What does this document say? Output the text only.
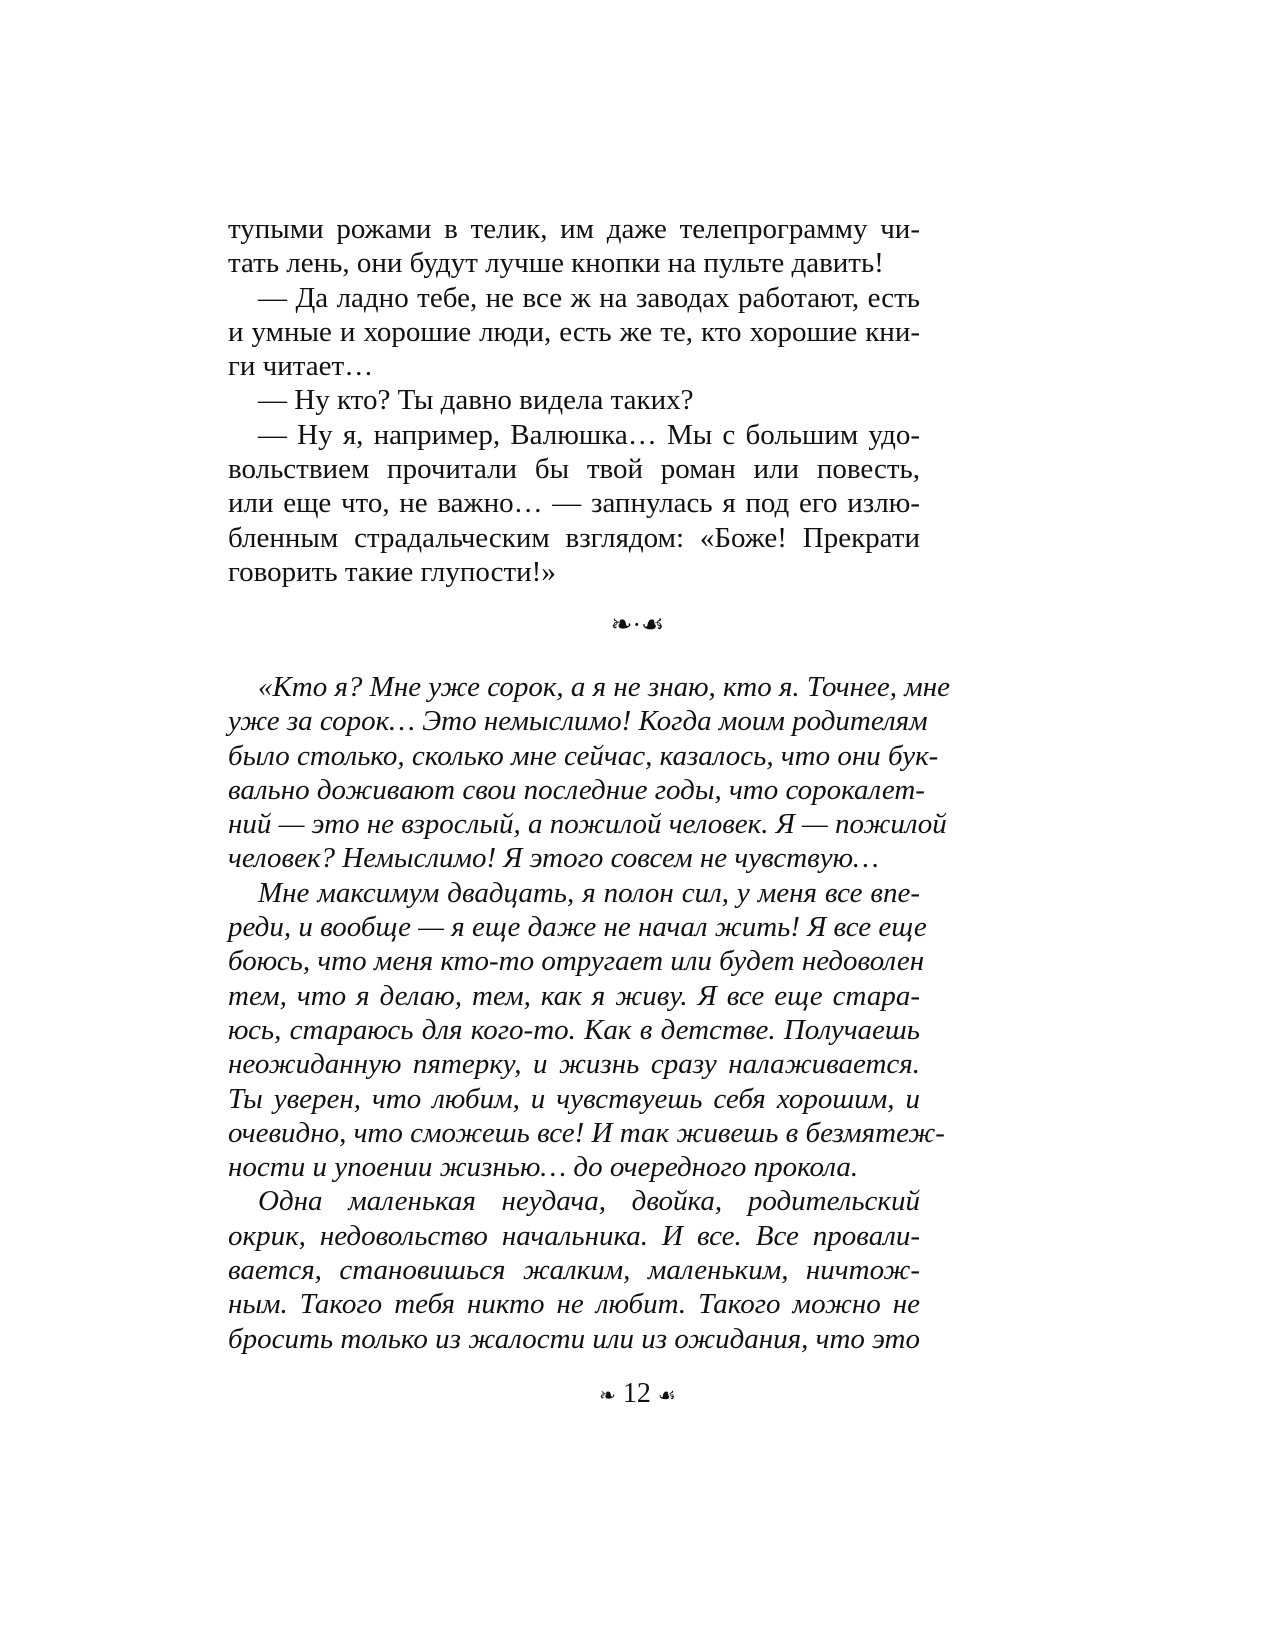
тупыми рожами в телик, им даже телепрограмму чи-
тать лень, они будут лучше кнопки на пульте давить!
— Да ладно тебе, не все ж на заводах работают, есть
и умные и хорошие люди, есть же те, кто хорошие кни-
ги читает…
— Ну кто? Ты давно видела таких?
— Ну я, например, Валюшка… Мы с большим удо-
вольствием прочитали бы твой роман или повесть,
или еще что, не важно… — запнулась я под его излю-
бленным страдальческим взглядом: «Боже! Прекрати
говорить такие глупости!»
❧·☙
«Кто я? Мне уже сорок, а я не знаю, кто я. Точнее, мне
уже за сорок… Это немыслимо! Когда моим родителям
было столько, сколько мне сейчас, казалось, что они бук-
вально доживают свои последние годы, что сорокалет-
ний — это не взрослый, а пожилой человек. Я — пожилой
человек? Немыслимо! Я этого совсем не чувствую…
Мне максимум двадцать, я полон сил, у меня все впе-
реди, и вообще — я еще даже не начал жить! Я все еще
боюсь, что меня кто-то отругает или будет недоволен
тем, что я делаю, тем, как я живу. Я все еще стара-
юсь, стараюсь для кого-то. Как в детстве. Получаешь
неожиданную пятерку, и жизнь сразу налаживается.
Ты уверен, что любим, и чувствуешь себя хорошим, и
очевидно, что сможешь все! И так живешь в безмятеж-
ности и упоении жизнью… до очередного прокола.
Одна маленькая неудача, двойка, родительский
окрик, недовольство начальника. И все. Все провали-
вается, становишься жалким, маленьким, ничтож-
ным. Такого тебя никто не любит. Такого можно не
бросить только из жалости или из ожидания, что это
❧ 12 ☙
